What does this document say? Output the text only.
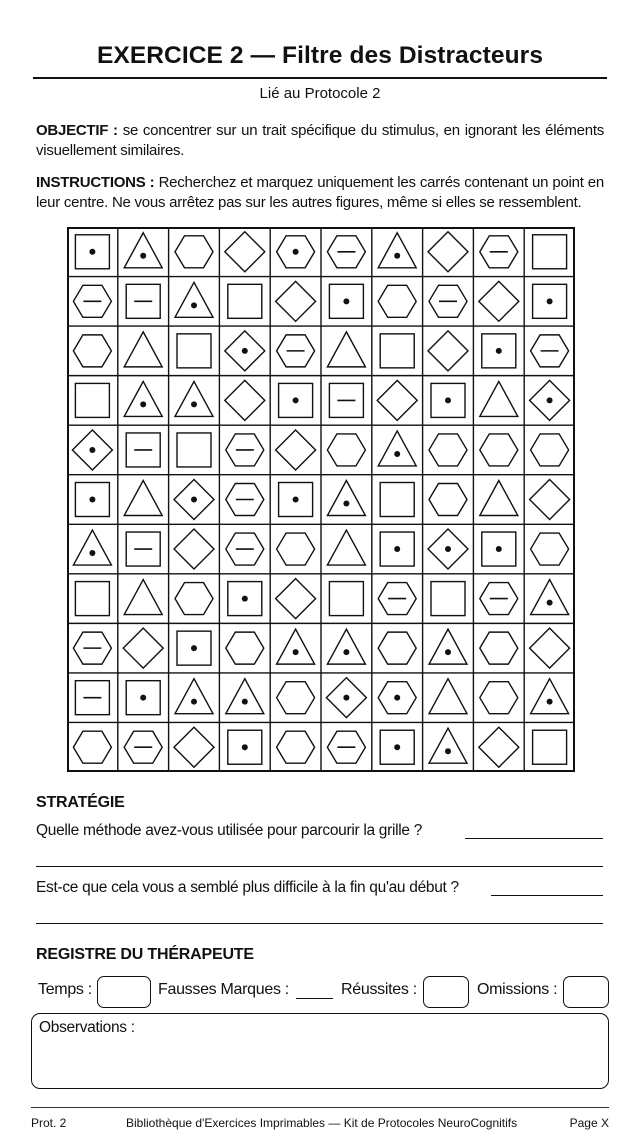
EXERCICE 2 — Filtre des Distracteurs
Lié au Protocole 2
OBJECTIF : se concentrer sur un trait spécifique du stimulus, en ignorant les éléments visuellement similaires.
INSTRUCTIONS : Recherchez et marquez uniquement les carrés contenant un point en leur centre. Ne vous arrêtez pas sur les autres figures, même si elles se ressemblent.
STRATÉGIE
Quelle méthode avez-vous utilisée pour parcourir la grille ?
Est-ce que cela vous a semblé plus difficile à la fin qu'au début ?
REGISTRE DU THÉRAPEUTE
Temps :	Fausses Marques :	Réussites :	Omissions :
Observations :
Prot. 2	Bibliothèque d'Exercices Imprimables — Kit de Protocoles NeuroCognitifs	Page X
